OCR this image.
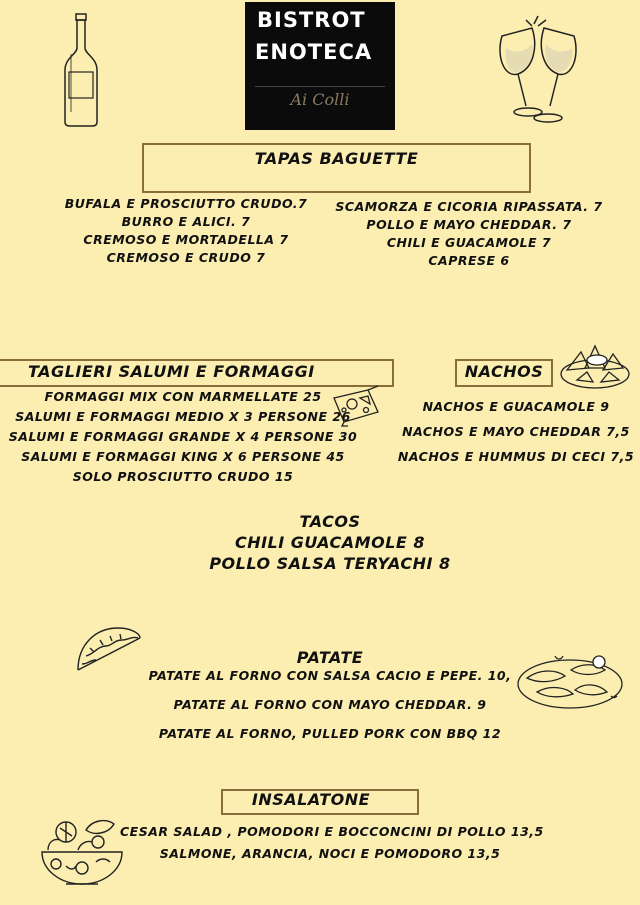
BISTROT
ENOTECA
Ai Colli
TAPAS BAGUETTE
BUFALA E PROSCIUTTO CRUDO.7
BURRO E ALICI. 7
CREMOSO E MORTADELLA 7
CREMOSO E CRUDO 7
SCAMORZA E CICORIA RIPASSATA. 7
POLLO E MAYO CHEDDAR. 7
CHILI E GUACAMOLE 7
CAPRESE 6
TAGLIERI SALUMI E FORMAGGI
FORMAGGI MIX CON MARMELLATE 25
SALUMI E FORMAGGI MEDIO X 3 PERSONE 26
SALUMI E FORMAGGI GRANDE X 4 PERSONE 30
SALUMI E FORMAGGI KING X 6 PERSONE 45
SOLO PROSCIUTTO CRUDO 15
NACHOS
NACHOS E GUACAMOLE 9
NACHOS E MAYO CHEDDAR 7,5
NACHOS E HUMMUS DI CECI 7,5
TACOS
CHILI GUACAMOLE 8
POLLO SALSA TERYACHI 8
PATATE
PATATE AL FORNO CON SALSA CACIO E PEPE. 10,
PATATE AL FORNO CON MAYO CHEDDAR. 9
PATATE AL FORNO, PULLED PORK CON BBQ 12
INSALATONE
CESAR SALAD , POMODORI E BOCCONCINI DI POLLO 13,5
SALMONE, ARANCIA, NOCI E POMODORO 13,5
